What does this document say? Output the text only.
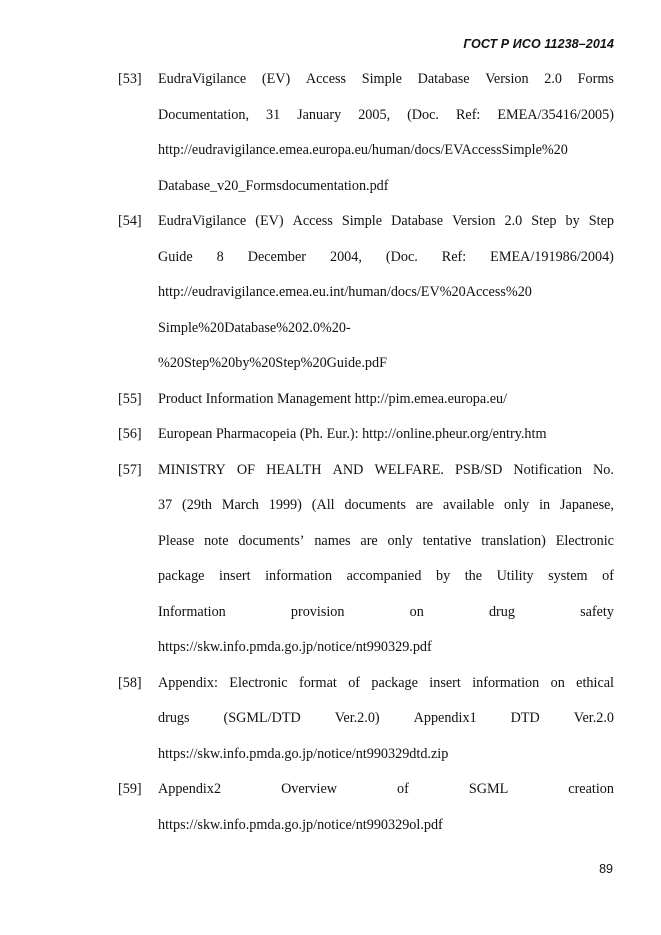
ГОСТ Р ИСО 11238–2014
[53]	EudraVigilance (EV) Access Simple Database Version 2.0 Forms
Documentation, 31 January 2005, (Doc. Ref: EMEA/35416/2005)
http://eudravigilance.emea.europa.eu/human/docs/EVAccessSimple%20
Database_v20_Formsdocumentation.pdf
[54]	EudraVigilance (EV) Access Simple Database Version 2.0 Step by Step
Guide 8 December 2004, (Doc. Ref: EMEA/191986/2004)
http://eudravigilance.emea.eu.int/human/docs/EV%20Access%20
Simple%20Database%202.0%20-
%20Step%20by%20Step%20Guide.pdF
[55]	Product Information Management http://pim.emea.europa.eu/
[56]	European Pharmacopeia (Ph. Eur.): http://online.pheur.org/entry.htm
[57]	MINISTRY OF HEALTH AND WELFARE. PSB/SD Notification No.
37 (29th March 1999) (All documents are available only in Japanese,
Please note documents’ names are only tentative translation) Electronic
package insert information accompanied by the Utility system of
Information	provision	on	drug	safety
https://skw.info.pmda.go.jp/notice/nt990329.pdf
[58]	Appendix: Electronic format of package insert information on ethical
drugs (SGML/DTD Ver.2.0) Appendix1 DTD Ver.2.0
https://skw.info.pmda.go.jp/notice/nt990329dtd.zip
[59]	Appendix2	Overview	of	SGML	creation
https://skw.info.pmda.go.jp/notice/nt990329ol.pdf
89
